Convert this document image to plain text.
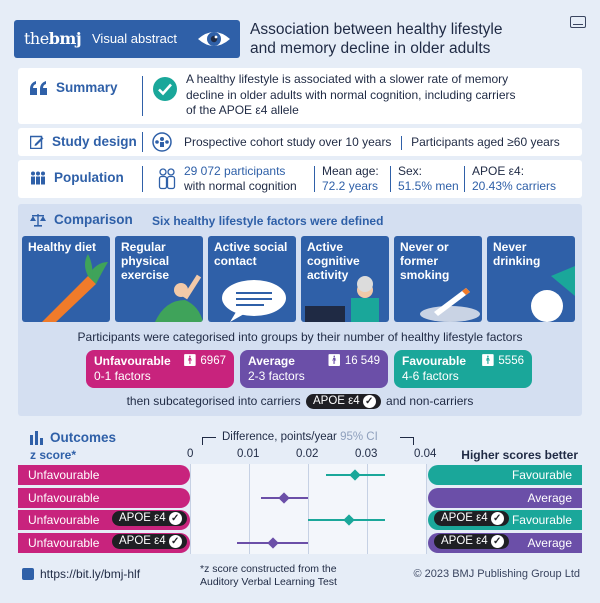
thebmj Visual abstract
Association between healthy lifestyle
and memory decline in older adults
Summary
A healthy lifestyle is associated with a slower rate of memory
decline in older adults with normal cognition, including carriers
of the APOE ε4 allele
Study design	Prospective cohort study over 10 years Participants aged ≥60 years
Population	29 072 participants
with normal cognition
Mean age:
72.2 years
Sex:
51.5% men
APOE ε4:
20.43% carriers
Comparison Six healthy lifestyle factors were defined
Healthy diet	Regular physical exercise
Active social contact
Active cognitive activity
Never or former smoking
Never drinking
Participants were categorised into groups by their number of healthy lifestyle factors
Unfavourable
0-1 factors
🚹︎ 6967 Average
2-3 factors
🚹︎ 16 549 Favourable
4-6 factors
🚹︎ 5556
then subcategorised into carriers APOE ε4 ✓ and non-carriers
Outcomes
z score*
Difference, points/year 95% CI
Higher scores better
0	0.01	0.02	0.03	0.04
Unfavourable	Favourable
Unfavourable	Average
Unfavourable	APOE ε4 ✓	APOE ε4 ✓ Favourable
Unfavourable	APOE ε4 ✓	APOE ε4 ✓	Average
https://bit.ly/bmj-hlf	*z score constructed from the
Auditory Verbal Learning Test
© 2023 BMJ Publishing Group Ltd
